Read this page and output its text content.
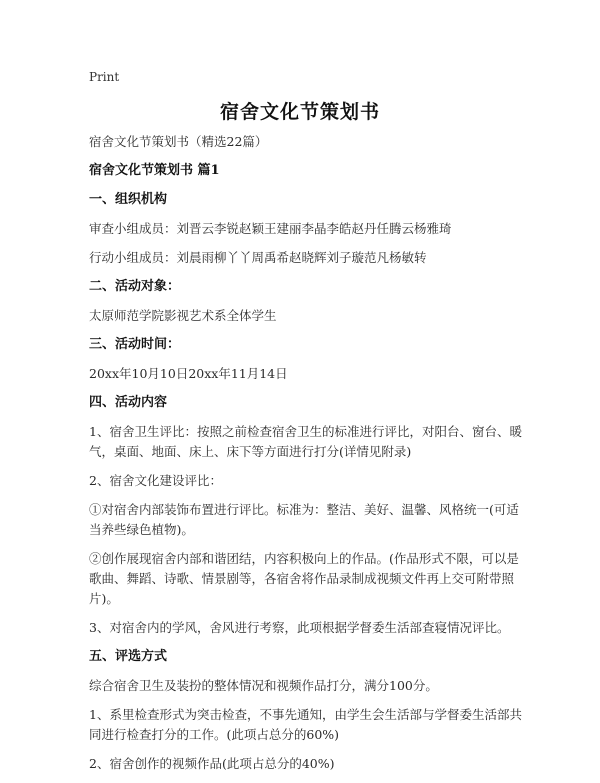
Print
宿舍文化节策划书
宿舍文化节策划书（精选22篇）
宿舍文化节策划书 篇1
一、组织机构
审查小组成员：刘晋云李锐赵颖王建丽李晶李皓赵丹任腾云杨雅琦
行动小组成员：刘晨雨柳丫丫周禹希赵晓辉刘子璇范凡杨敏转
二、活动对象：
太原师范学院影视艺术系全体学生
三、活动时间：
20xx年10月10日20xx年11月14日
四、活动内容
1、宿舍卫生评比：按照之前检查宿舍卫生的标准进行评比，对阳台、窗台、暖气，桌面、地面、床上、床下等方面进行打分(详情见附录)
2、宿舍文化建设评比：
①对宿舍内部装饰布置进行评比。标准为：整洁、美好、温馨、风格统一(可适当养些绿色植物)。
②创作展现宿舍内部和谐团结，内容积极向上的作品。(作品形式不限，可以是歌曲、舞蹈、诗歌、情景剧等，各宿舍将作品录制成视频文件再上交可附带照片)。
3、对宿舍内的学风，舍风进行考察，此项根据学督委生活部查寝情况评比。
五、评选方式
综合宿舍卫生及装扮的整体情况和视频作品打分，满分100分。
1、系里检查形式为突击检查，不事先通知，由学生会生活部与学督委生活部共同进行检查打分的工作。(此项占总分的60%)
2、宿舍创作的视频作品(此项占总分的40%)
